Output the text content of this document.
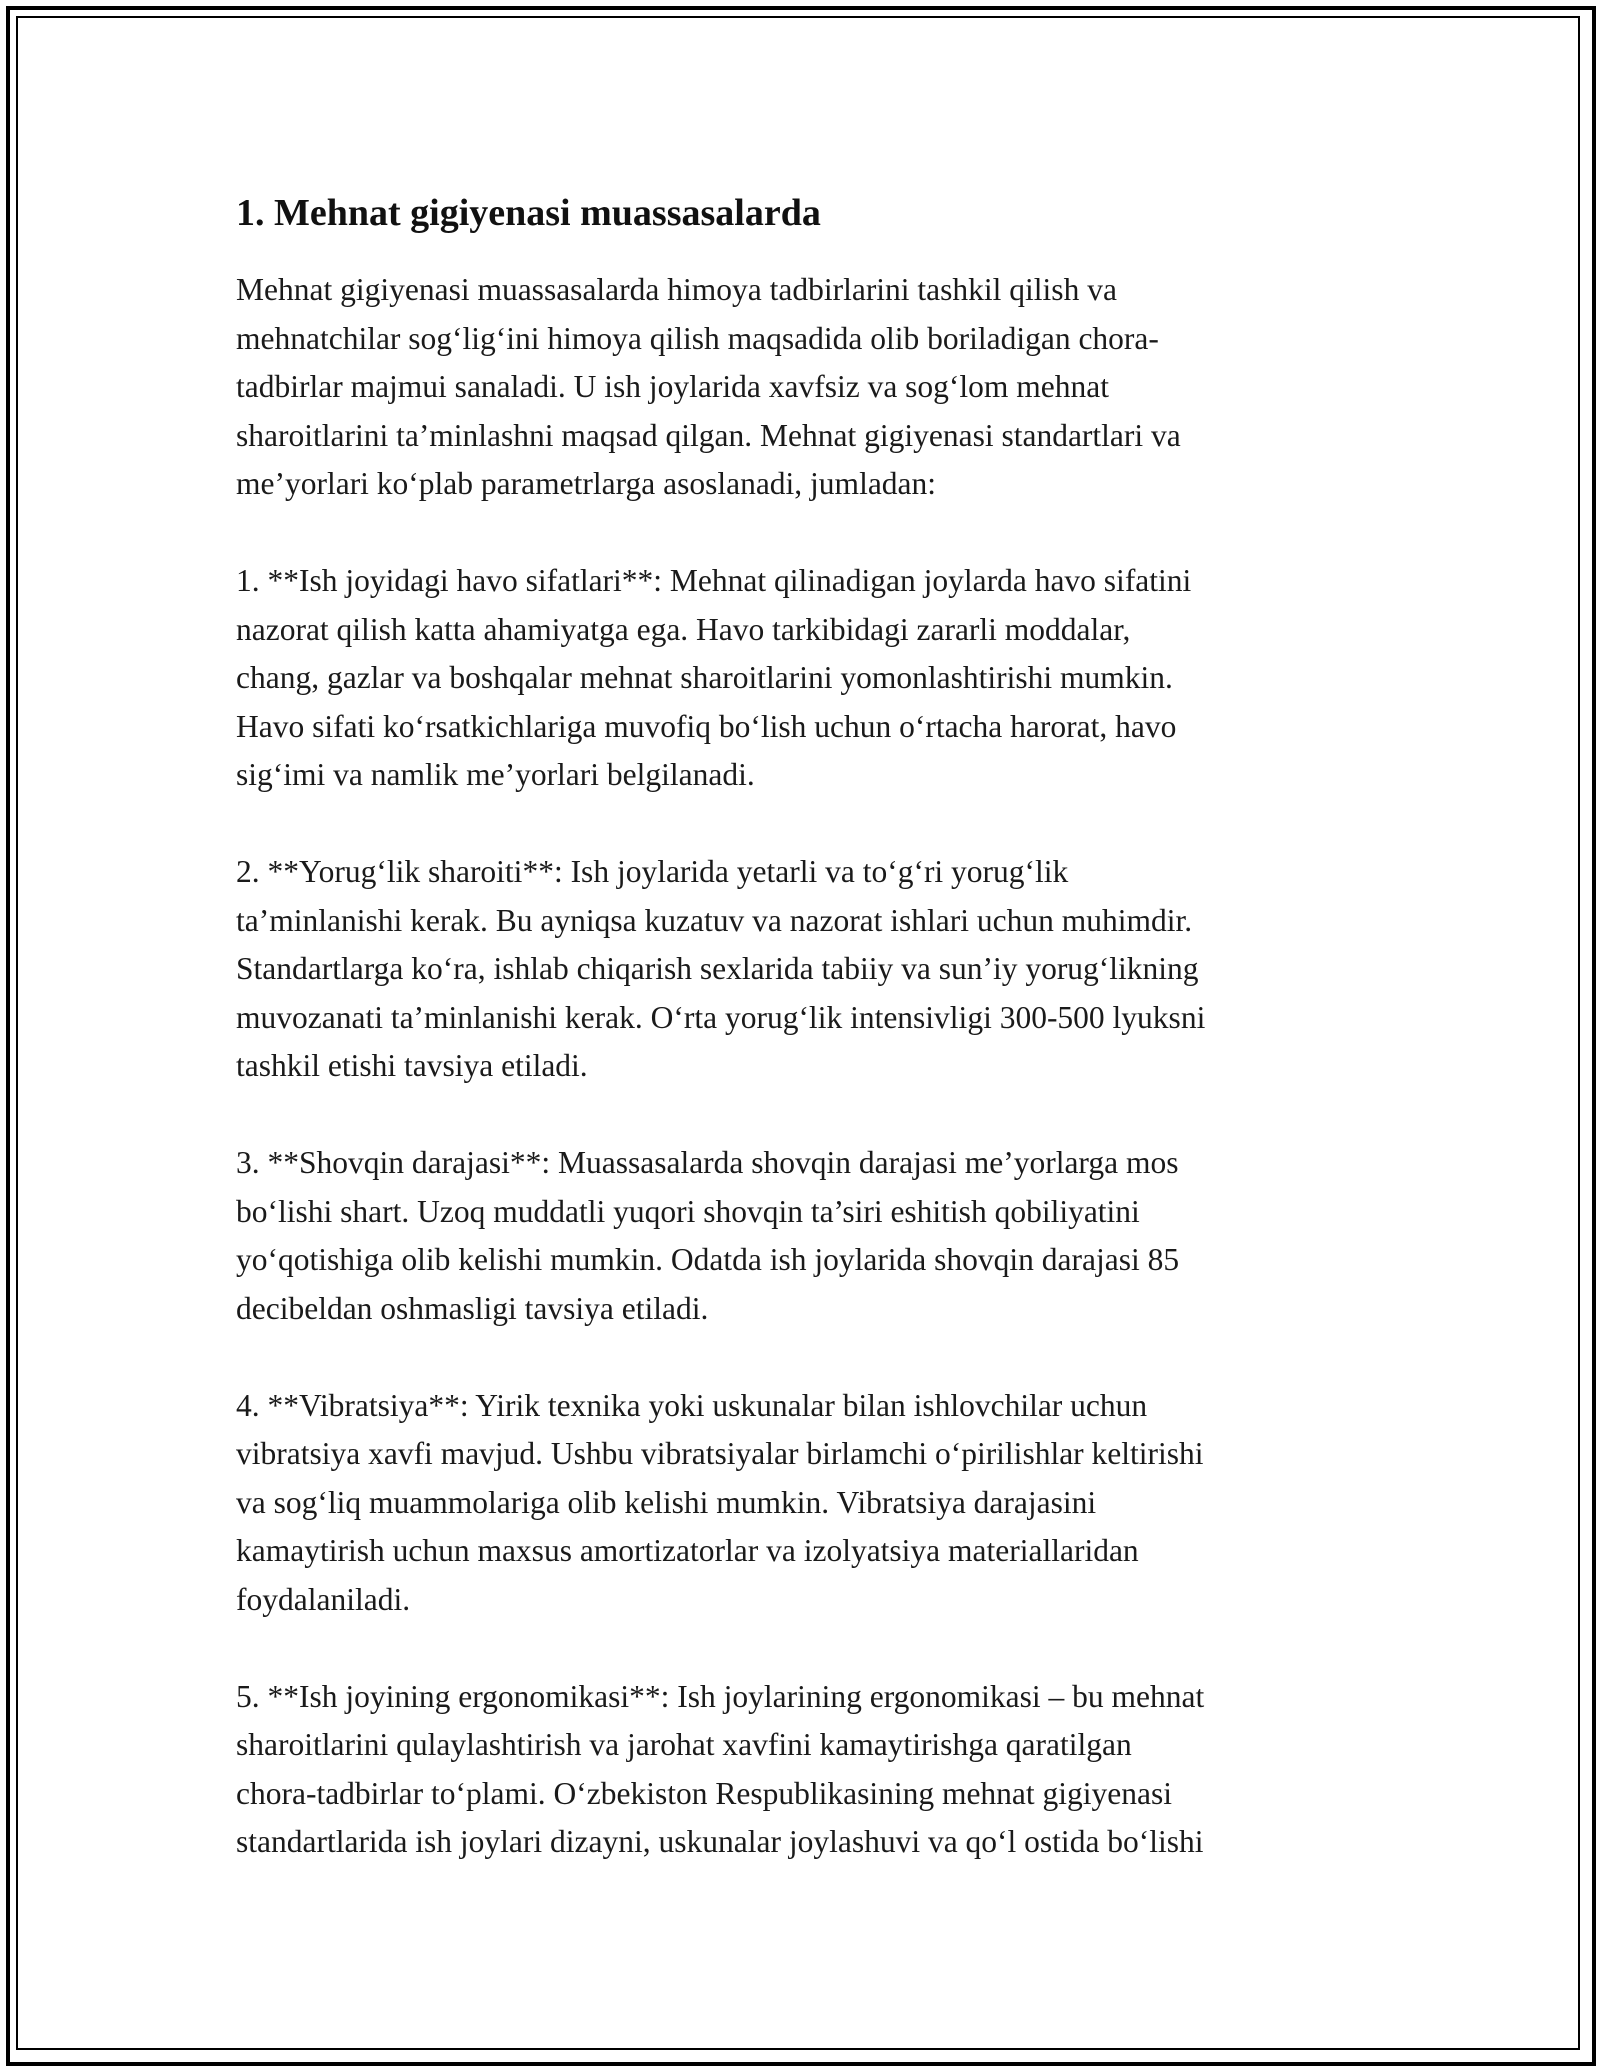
1. Mehnat gigiyenasi muassasalarda

Mehnat gigiyenasi muassasalarda himoya tadbirlarini tashkil qilish va
mehnatchilar sog‘lig‘ini himoya qilish maqsadida olib boriladigan chora-
tadbirlar majmui sanaladi. U ish joylarida xavfsiz va sog‘lom mehnat
sharoitlarini ta’minlashni maqsad qilgan. Mehnat gigiyenasi standartlari va
me’yorlari ko‘plab parametrlarga asoslanadi, jumladan:

1. **Ish joyidagi havo sifatlari**: Mehnat qilinadigan joylarda havo sifatini
nazorat qilish katta ahamiyatga ega. Havo tarkibidagi zararli moddalar,
chang, gazlar va boshqalar mehnat sharoitlarini yomonlashtirishi mumkin.
Havo sifati ko‘rsatkichlariga muvofiq bo‘lish uchun o‘rtacha harorat, havo
sig‘imi va namlik me’yorlari belgilanadi.

2. **Yorug‘lik sharoiti**: Ish joylarida yetarli va to‘g‘ri yorug‘lik
ta’minlanishi kerak. Bu ayniqsa kuzatuv va nazorat ishlari uchun muhimdir.
Standartlarga ko‘ra, ishlab chiqarish sexlarida tabiiy va sun’iy yorug‘likning
muvozanati ta’minlanishi kerak. O‘rta yorug‘lik intensivligi 300-500 lyuksni
tashkil etishi tavsiya etiladi.

3. **Shovqin darajasi**: Muassasalarda shovqin darajasi me’yorlarga mos
bo‘lishi shart. Uzoq muddatli yuqori shovqin ta’siri eshitish qobiliyatini
yo‘qotishiga olib kelishi mumkin. Odatda ish joylarida shovqin darajasi 85
decibeldan oshmasligi tavsiya etiladi.

4. **Vibratsiya**: Yirik texnika yoki uskunalar bilan ishlovchilar uchun
vibratsiya xavfi mavjud. Ushbu vibratsiyalar birlamchi o‘pirilishlar keltirishi
va sog‘liq muammolariga olib kelishi mumkin. Vibratsiya darajasini
kamaytirish uchun maxsus amortizatorlar va izolyatsiya materiallaridan
foydalaniladi.

5. **Ish joyining ergonomikasi**: Ish joylarining ergonomikasi – bu mehnat
sharoitlarini qulaylashtirish va jarohat xavfini kamaytirishga qaratilgan
chora-tadbirlar to‘plami. O‘zbekiston Respublikasining mehnat gigiyenasi
standartlarida ish joylari dizayni, uskunalar joylashuvi va qo‘l ostida bo‘lishi
